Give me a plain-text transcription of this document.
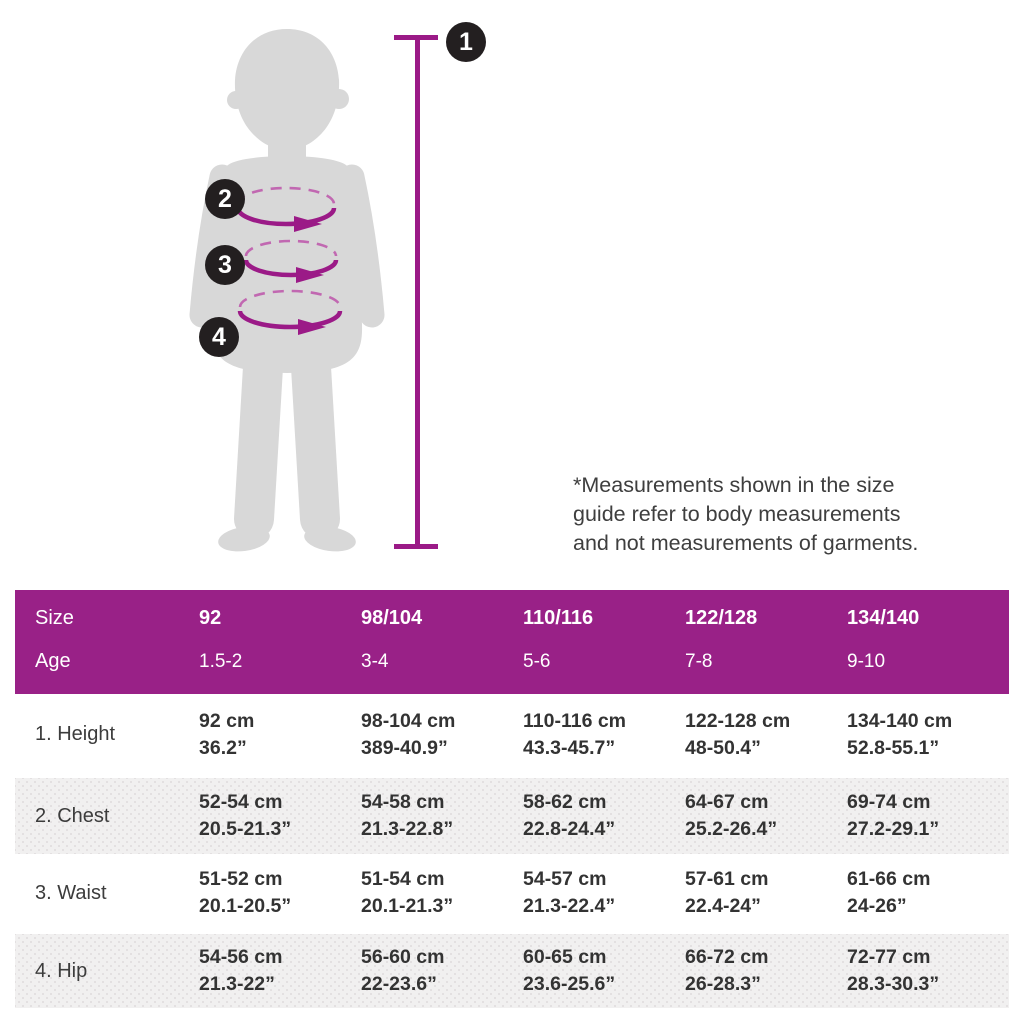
1
2
3
4
*Measurements shown in the size
guide refer to body measurements
and not measurements of garments.
Size
Age
92
1.5-2
98/104
3-4
110/116
5-6
122/128
7-8
134/140
9-10
1. Height
92 cm
36.2”
98-104 cm
389-40.9”
110-116 cm
43.3-45.7”
122-128 cm
48-50.4”
134-140 cm
52.8-55.1”
2. Chest
52-54 cm
20.5-21.3”
54-58 cm
21.3-22.8”
58-62 cm
22.8-24.4”
64-67 cm
25.2-26.4”
69-74 cm
27.2-29.1”
3. Waist
51-52 cm
20.1-20.5”
51-54 cm
20.1-21.3”
54-57 cm
21.3-22.4”
57-61 cm
22.4-24”
61-66 cm
24-26”
4. Hip
54-56 cm
21.3-22”
56-60 cm
22-23.6”
60-65 cm
23.6-25.6”
66-72 cm
26-28.3”
72-77 cm
28.3-30.3”
